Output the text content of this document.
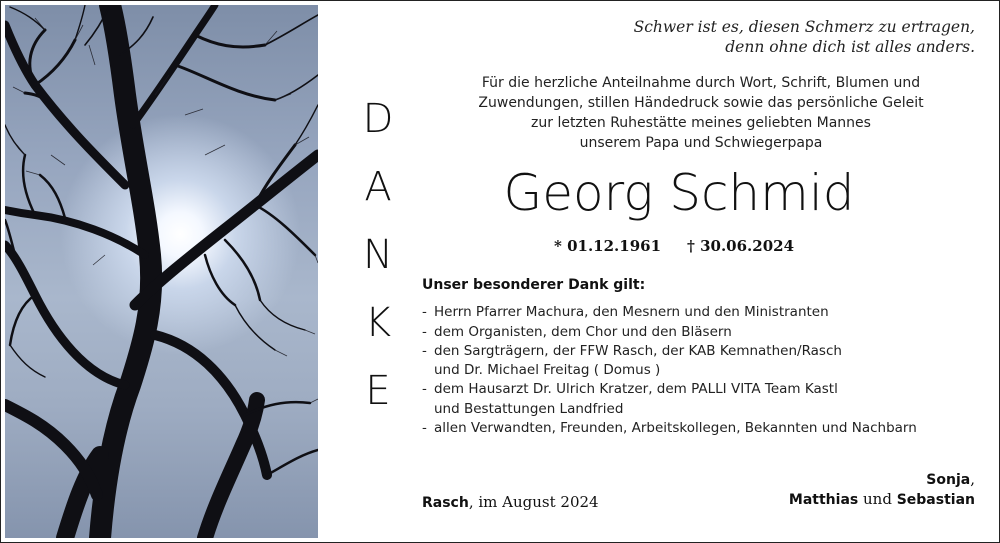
D
A
N
K
E
Schwer ist es, diesen Schmerz zu ertragen,
denn ohne dich ist alles anders.
Für die herzliche Anteilnahme durch Wort, Schrift, Blumen und
Zuwendungen, stillen Händedruck sowie das persönliche Geleit
zur letzten Ruhestätte meines geliebten Mannes
unserem Papa und Schwiegerpapa
Georg Schmid
* 01.12.1961 † 30.06.2024
Unser besonderer Dank gilt:
- Herrn Pfarrer Machura, den Mesnern und den Ministranten
- dem Organisten, dem Chor und den Bläsern
- den Sargträgern, der FFW Rasch, der KAB Kemnathen/Rasch
und Dr. Michael Freitag ( Domus )
- dem Hausarzt Dr. Ulrich Kratzer, dem PALLI VITA Team Kastl
und Bestattungen Landfried
- allen Verwandten, Freunden, Arbeitskollegen, Bekannten und Nachbarn
Rasch, im August 2024
Sonja,
Matthias und Sebastian
